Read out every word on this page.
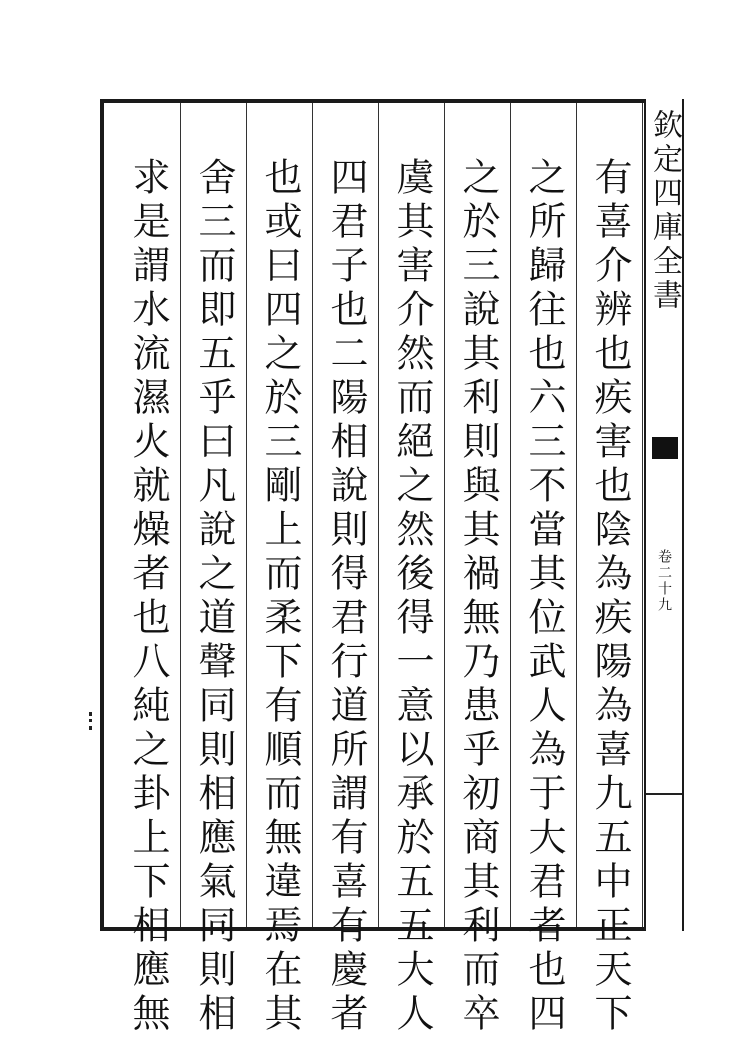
有喜介辨也疾害也陰為疾陽為喜九五中正天下
之所歸往也六三不當其位武人為于大君者也四
之於三說其利則與其禍無乃患乎初商其利而卒
虞其害介然而絕之然後得一意以承於五五大人
四君子也二陽相說則得君行道所謂有喜有慶者
也或曰四之於三剛上而柔下有順而無違焉在其
舍三而即五乎曰凡說之道聲同則相應氣同則相
求是謂水流濕火就燥者也八純之卦上下相應無	欽定四庫全書
卷二十九
